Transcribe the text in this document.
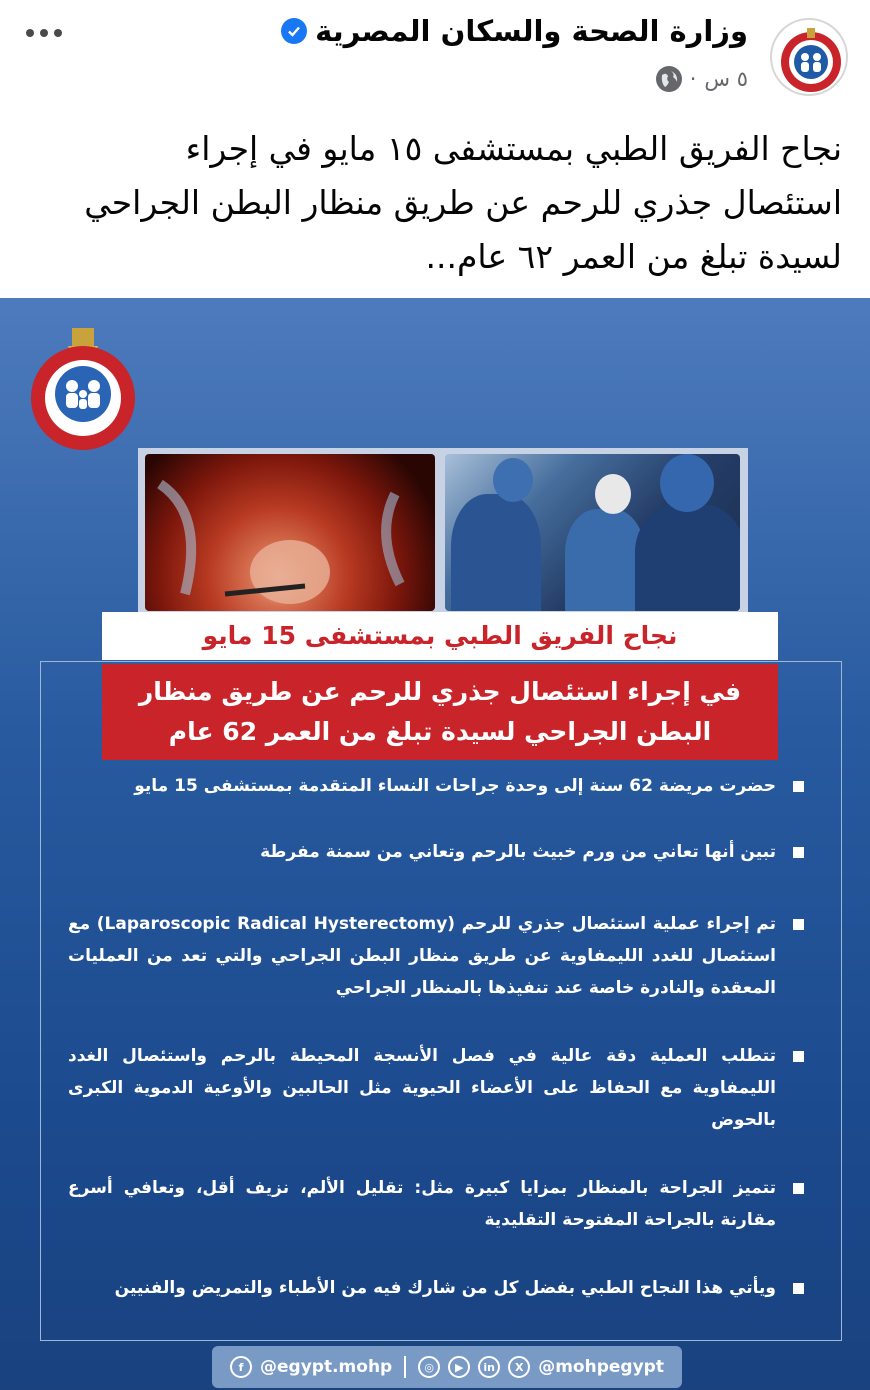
وزارة الصحة والسكان المصرية
٥ س
·
نجاح الفريق الطبي بمستشفى ١٥ مايو في إجراء استئصال جذري للرحم عن طريق منظار البطن الجراحي لسيدة تبلغ من العمر ٦٢ عام...
نجاح الفريق الطبي بمستشفى 15 مايو
في إجراء استئصال جذري للرحم عن طريق منظار
البطن الجراحي لسيدة تبلغ من العمر 62 عام
حضرت مريضة 62 سنة إلى وحدة جراحات النساء المتقدمة بمستشفى 15 مايو
تبين أنها تعاني من ورم خبيث بالرحم وتعاني من سمنة مفرطة
تم إجراء عملية استئصال جذري للرحم (Laparoscopic Radical Hysterectomy) مع استئصال للغدد الليمفاوية عن طريق منظار البطن الجراحي والتي تعد من العمليات المعقدة والنادرة خاصة عند تنفيذها بالمنظار الجراحي
تتطلب العملية دقة عالية في فصل الأنسجة المحيطة بالرحم واستئصال الغدد الليمفاوية مع الحفاظ على الأعضاء الحيوية مثل الحالبين والأوعية الدموية الكبرى بالحوض
تتميز الجراحة بالمنظار بمزايا كبيرة مثل: تقليل الألم، نزيف أقل، وتعافي أسرع مقارنة بالجراحة المفتوحة التقليدية
ويأتي هذا النجاح الطبي بفضل كل من شارك فيه من الأطباء والتمريض والفنيين
f @egypt.mohp	◎	▶	in	X @mohpegypt
